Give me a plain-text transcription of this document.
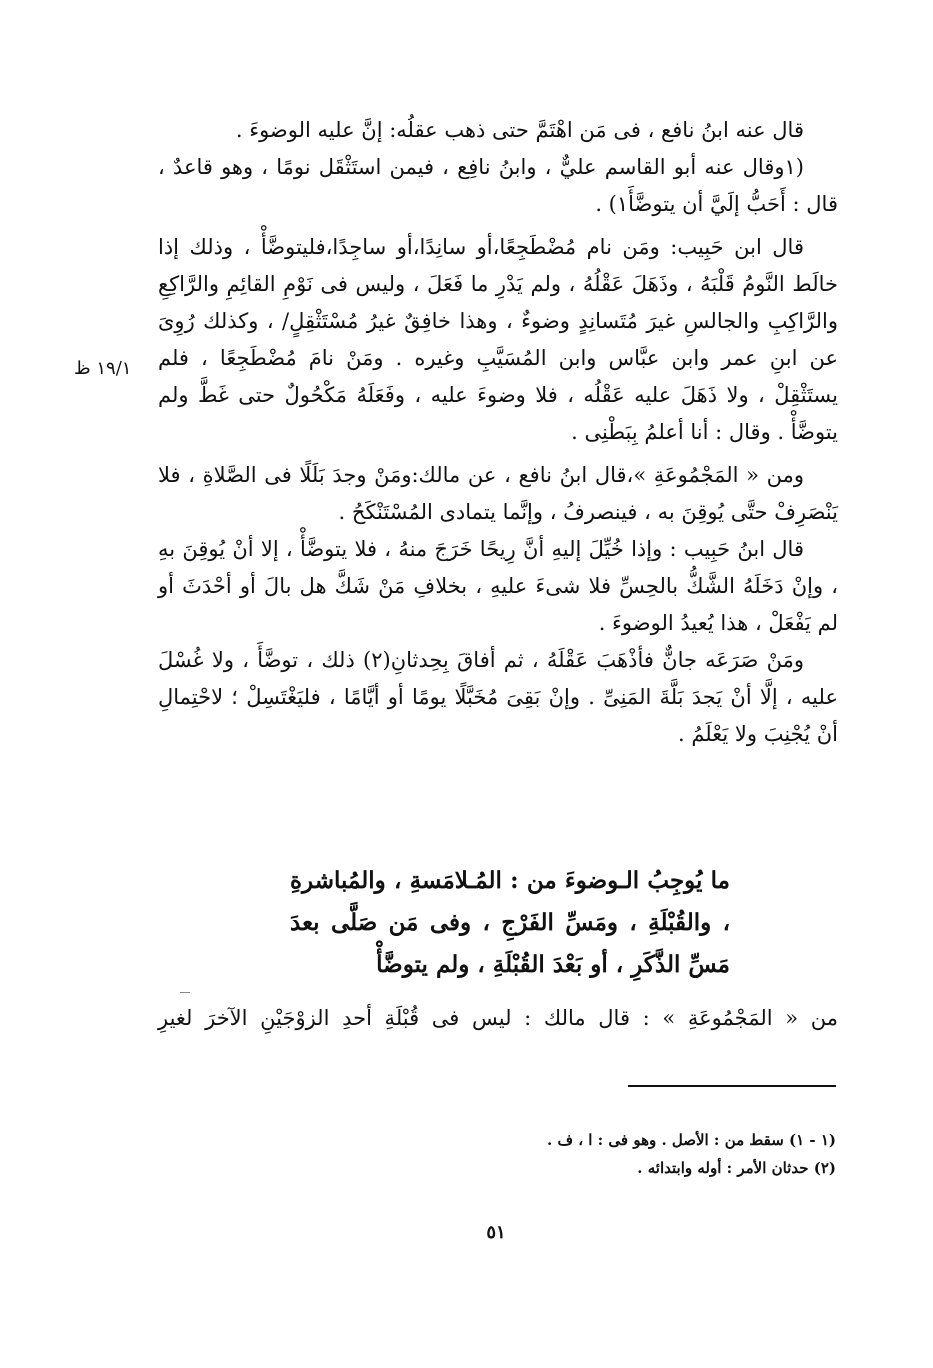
قال عنه ابنُ نافع ، فى مَن اهْتَمَّ حتى ذهب عقلُه: إنَّ عليه الوضوءَ .

(١وقال عنه أبو القاسم عليٌّ ، وابنُ نافِع ، فيمن استَثْقَل نومًا ، وهو قاعدٌ ، قال : أَحَبُّ إلَيَّ أن يتوضَّأَ١) .

قال ابن حَبِيب: ومَن نام مُضْطَجِعًا،أو سانِدًا،أو ساجِدًا،فليتوضَّأْ ، وذلك إذا خالَط النَّومُ قَلْبَهُ ، وذَهَلَ عَقْلُهُ ، ولم يَدْرِ ما فَعَلَ ، وليس فى نَوْمِ القائِمِ والرَّاكِعِ والرَّاكِبِ والجالسِ غيرَ مُتَسانِدٍ وضوءٌ ، وهذا خافِقٌ غيرُ مُسْتَثْقِلٍ/ ، وكذلك رُوِىَ عن ابنِ عمر وابن عبَّاس وابن المُسَيَّبِ وغيره . ومَنْ نامَ مُضْطَجِعًا ، فلم يستَثْقِلْ ، ولا ذَهَلَ عليه عَقْلُه ، فلا وضوءَ عليه ، وفَعَلَهُ مَكْحُولٌ حتى غَطَّ ولم يتوضَّأْ . وقال : أنا أعلمُ بِبَطْنِى .

ومن « المَجْمُوعَةِ »،قال ابنُ نافع ، عن مالك:ومَنْ وجدَ بَلَلًا فى الصَّلاةِ ، فلا يَنْصَرِفْ حتَّى يُوقِنَ به ، فينصرفُ ، وإنَّما يتمادى المُسْتَنْكَحُ .

قال ابنُ حَبِيب : وإذا خُيِّلَ إليهِ أنَّ رِيحًا خَرَجَ منهُ ، فلا يتوضَّأْ ، إلا أنْ يُوقِنَ بهِ ، وإنْ دَخَلَهُ الشَّكُّ بالحِسِّ فلا شىءَ عليهِ ، بخلافِ مَنْ شَكَّ هل بالَ أو أحْدَثَ أو لم يَفْعَلْ ، هذا يُعيدُ الوضوءَ .

ومَنْ صَرَعَه جانٌّ فأذْهَبَ عَقْلَهُ ، ثم أفاقَ بِحِدثانِ(٢) ذلك ، توضَّأَ ، ولا غُسْلَ عليه ، إلَّا أنْ يَجدَ بَلَّةَ المَنِىِّ . وإنْ بَقِىَ مُخَبَّلًا يومًا أو أيَّامًا ، فليَغْتَسِلْ ؛ لاحْتِمالِ أنْ يُجْنِبَ ولا يَعْلَمُ .

١٩/١ ظ
ما يُوجِبُ الـوضوءَ من : المُـلامَسةِ ، والمُباشرةِ ، والقُبْلَةِ ، ومَسِّ الفَرْجِ ، وفى مَن صَلَّى بعدَ مَسِّ الذَّكَرِ ، أو بَعْدَ القُبْلَةِ ، ولم يتوضَّأْ
من « المَجْمُوعَةِ » : قال مالك : ليس فى قُبْلَةِ أحدِ الزوْجَيْنِ الآخرَ لغيرِ
(١ - ١) سقط من : الأصل . وهو فى : ا ، ف .
(٢) حدثان الأمر : أوله وابتدائه .
٥١
